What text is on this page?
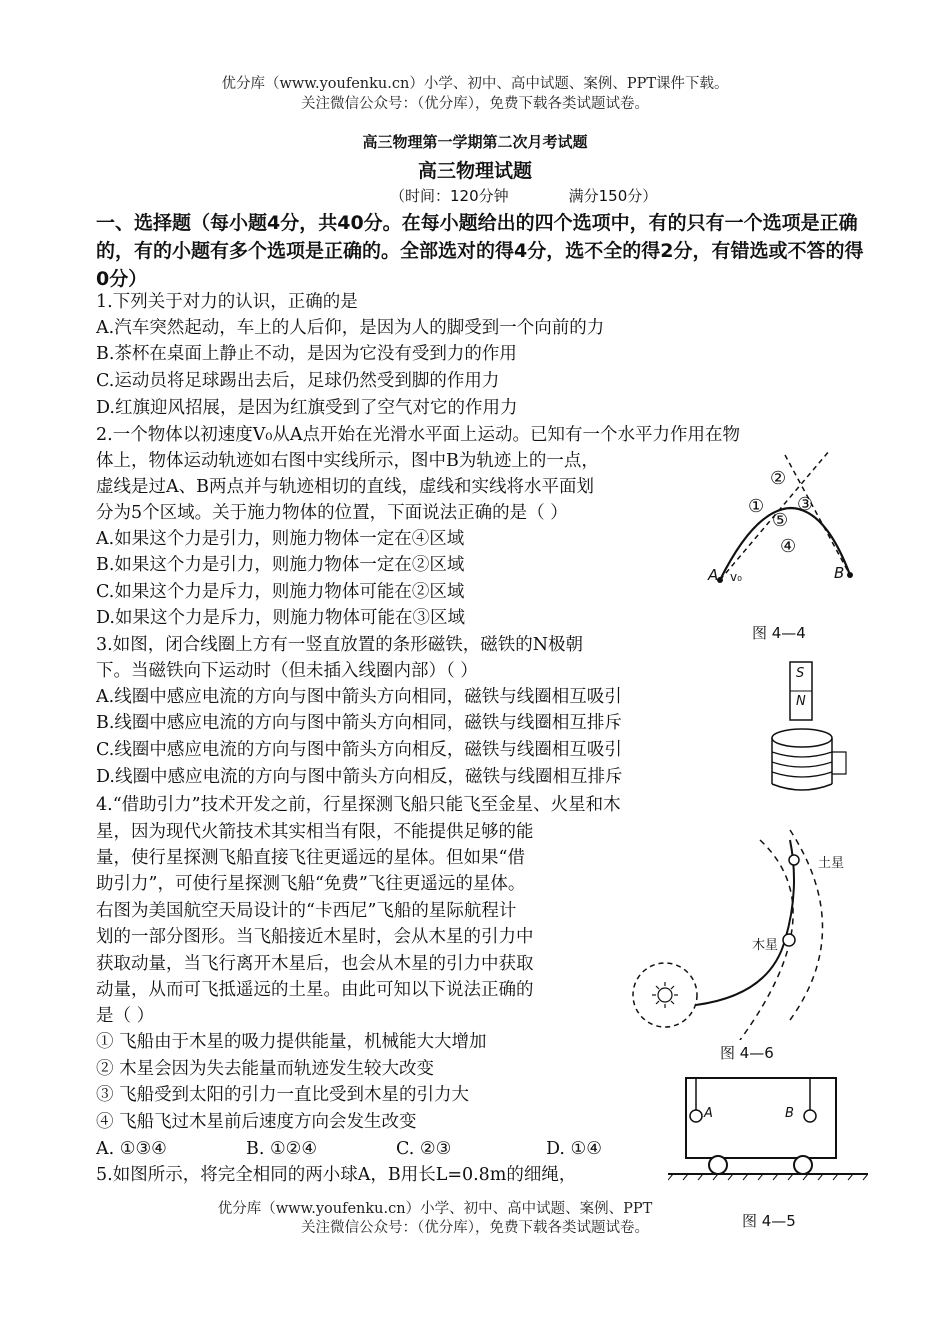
优分库（www.youfenku.cn）小学、初中、高中试题、案例、PPT课件下载。
关注微信公众号：（优分库），免费下载各类试题试卷。
高三物理第一学期第二次月考试题
高三物理试题
（时间：120分钟	满分150分）
一、选择题（每小题4分，共40分。在每小题给出的四个选项中，有的只有一个选项是正确的，有的小题有多个选项是正确的。全部选对的得4分，选不全的得2分，有错选或不答的得0分）
1.下列关于对力的认识，正确的是
A.汽车突然起动，车上的人后仰，是因为人的脚受到一个向前的力
B.茶杯在桌面上静止不动，是因为它没有受到力的作用
C.运动员将足球踢出去后，足球仍然受到脚的作用力
D.红旗迎风招展，是因为红旗受到了空气对它的作用力
2.一个物体以初速度V₀从A点开始在光滑水平面上运动。已知有一个水平力作用在物
体上，物体运动轨迹如右图中实线所示，图中B为轨迹上的一点，
虚线是过A、B两点并与轨迹相切的直线，虚线和实线将水平面划
分为5个区域。关于施力物体的位置，下面说法正确的是（ ）
A.如果这个力是引力，则施力物体一定在④区域
B.如果这个力是引力，则施力物体一定在②区域
C.如果这个力是斥力，则施力物体可能在②区域
D.如果这个力是斥力，则施力物体可能在③区域
①
②
③
⑤
④
A v₀	B
图 4—4
3.如图，闭合线圈上方有一竖直放置的条形磁铁，磁铁的N极朝
下。当磁铁向下运动时（但未插入线圈内部）（ ）
A.线圈中感应电流的方向与图中箭头方向相同，磁铁与线圈相互吸引
B.线圈中感应电流的方向与图中箭头方向相同，磁铁与线圈相互排斥
C.线圈中感应电流的方向与图中箭头方向相反，磁铁与线圈相互吸引
D.线圈中感应电流的方向与图中箭头方向相反，磁铁与线圈相互排斥
S
N
4.“借助引力”技术开发之前，行星探测飞船只能飞至金星、火星和木
星，因为现代火箭技术其实相当有限，不能提供足够的能
量，使行星探测飞船直接飞往更遥远的星体。但如果“借
助引力”，可使行星探测飞船“免费”飞往更遥远的星体。
右图为美国航空天局设计的“卡西尼”飞船的星际航程计
划的一部分图形。当飞船接近木星时，会从木星的引力中
获取动量，当飞行离开木星后，也会从木星的引力中获取
动量，从而可飞抵遥远的土星。由此可知以下说法正确的
是（ ）
① 飞船由于木星的吸力提供能量，机械能大大增加
② 木星会因为失去能量而轨迹发生较大改变
③ 飞船受到太阳的引力一直比受到木星的引力大
④ 飞船飞过木星前后速度方向会发生改变
A. ①③④	B. ①②④	C. ②③	D. ①④
土星
木星
图 4—6
5.如图所示，将完全相同的两小球A，B用长L=0.8m的细绳，
A	B
图 4—5
优分库（www.youfenku.cn）小学、初中、高中试题、案例、PPT
关注微信公众号：（优分库），免费下载各类试题试卷。
